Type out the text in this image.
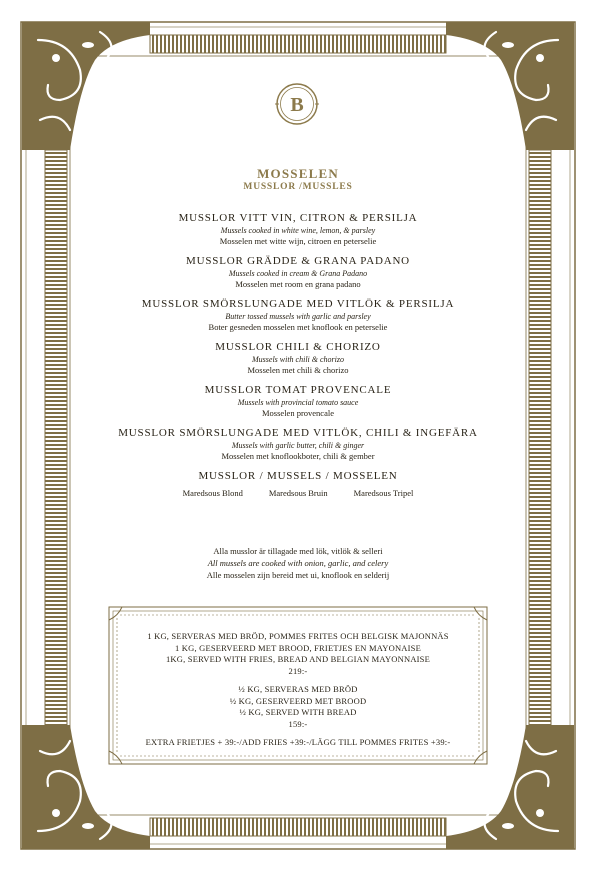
B
MOSSELEN
MUSSLOR /MUSSLES
MUSSLOR VITT VIN, CITRON & PERSILJA
Mussels cooked in white wine, lemon, & parsley
Mosselen met witte wijn, citroen en peterselie
MUSSLOR GRÄDDE & GRANA PADANO
Mussels cooked in cream & Grana Padano
Mosselen met room en grana padano
MUSSLOR SMÖRSLUNGADE MED VITLÖK & PERSILJA
Butter tossed mussels with garlic and parsley
Boter gesneden mosselen met knoflook en peterselie
MUSSLOR CHILI & CHORIZO
Mussels with chili & chorizo
Mosselen met chili & chorizo
MUSSLOR TOMAT PROVENCALE
Mussels with provincial tomato sauce
Mosselen provencale
MUSSLOR SMÖRSLUNGADE MED VITLÖK, CHILI & INGEFÄRA
Mussels with garlic butter, chili & ginger
Mosselen met knoflookboter, chili & gember
MUSSLOR / MUSSELS / MOSSELEN
Maredsous Blond	Maredsous Bruin	Maredsous Tripel
Alla musslor är tillagade med lök, vitlök & selleri
All mussels are cooked with onion, garlic, and celery
Alle mosselen zijn bereid met ui, knoflook en selderij
1 KG, SERVERAS MED BRÖD, POMMES FRITES OCH BELGISK MAJONNÄS
1 KG, GESERVEERD MET BROOD, FRIETJES EN MAYONAISE
1KG, SERVED WITH FRIES, BREAD AND BELGIAN MAYONNAISE
219:-
½ KG, SERVERAS MED BRÖD
½ KG, GESERVEERD MET BROOD
½ KG, SERVED WITH BREAD
159:-
EXTRA FRIETJES + 39:-/ADD FRIES +39:-/LÄGG TILL POMMES FRITES +39:-
